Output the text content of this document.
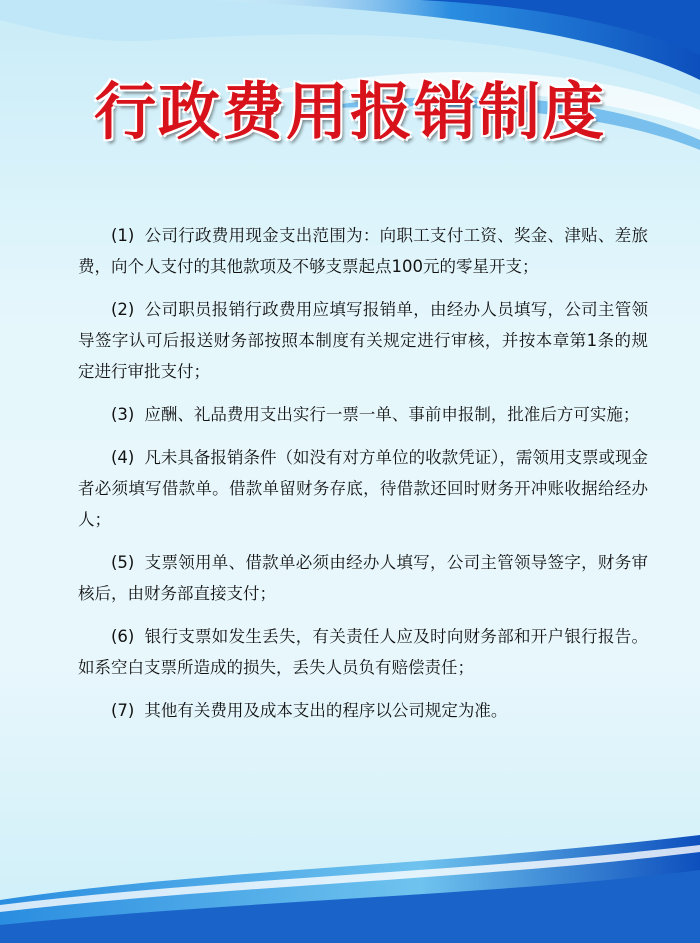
行政费用报销制度

(1) 公司行政费用现金支出范围为：向职工支付工资、奖金、津贴、差旅费，向个人支付的其他款项及不够支票起点100元的零星开支；

(2) 公司职员报销行政费用应填写报销单，由经办人员填写，公司主管领导签字认可后报送财务部按照本制度有关规定进行审核，并按本章第1条的规定进行审批支付；

(3) 应酬、礼品费用支出实行一票一单、事前申报制，批准后方可实施；

(4) 凡未具备报销条件（如没有对方单位的收款凭证），需领用支票或现金者必须填写借款单。借款单留财务存底，待借款还回时财务开冲账收据给经办人；

(5) 支票领用单、借款单必须由经办人填写，公司主管领导签字，财务审核后，由财务部直接支付；

(6) 银行支票如发生丢失，有关责任人应及时向财务部和开户银行报告。如系空白支票所造成的损失，丢失人员负有赔偿责任；

(7) 其他有关费用及成本支出的程序以公司规定为准。
